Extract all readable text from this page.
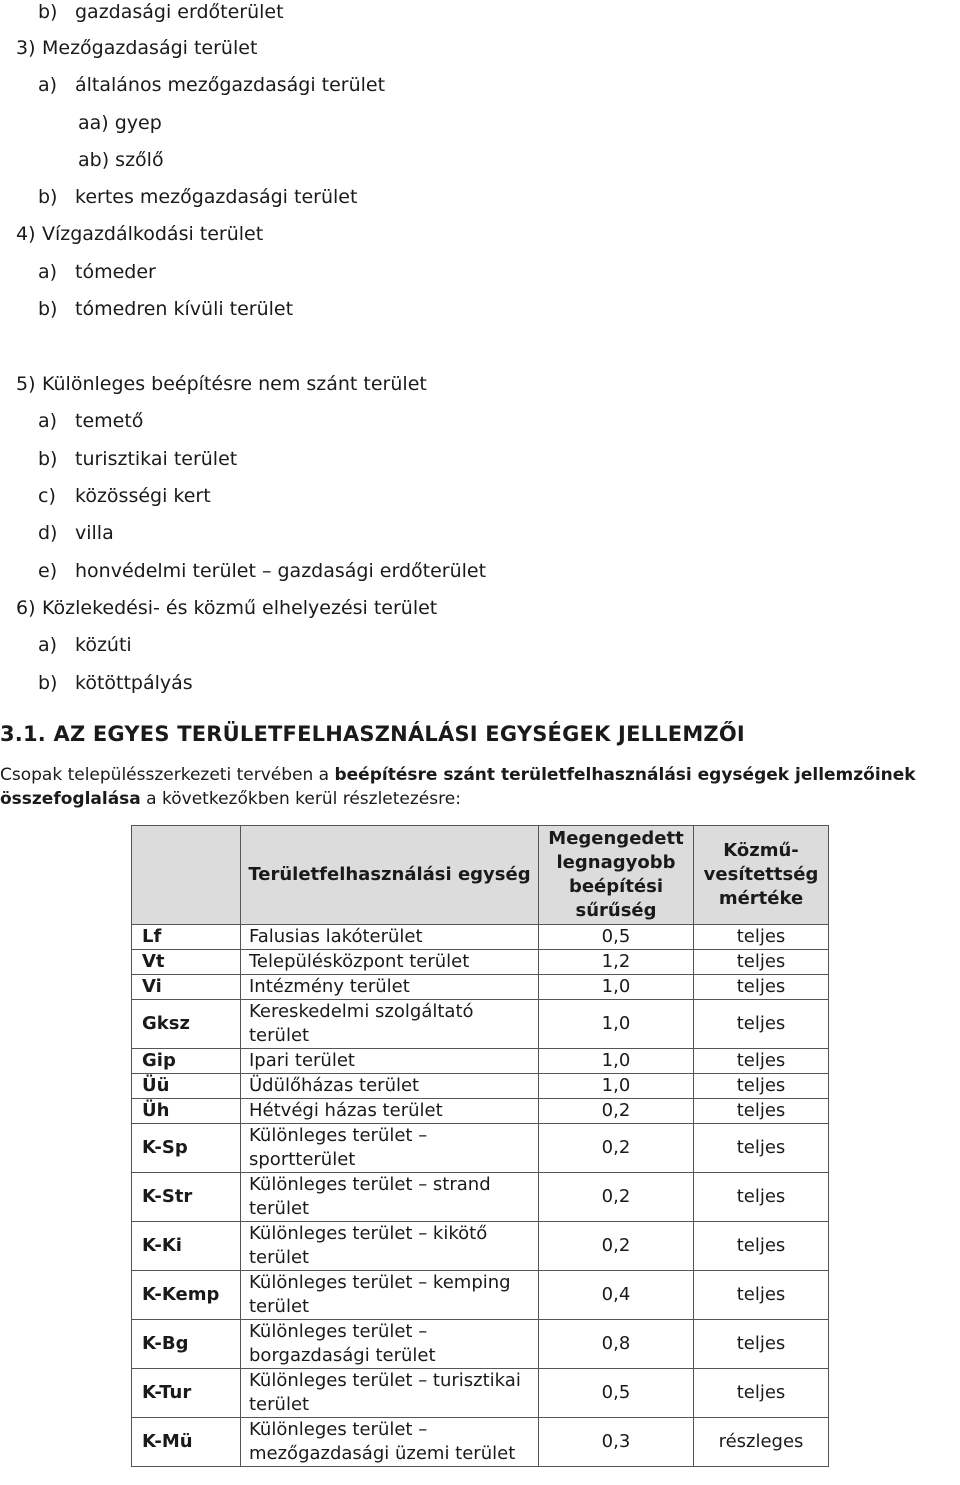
b) gazdasági erdőterület
3) Mezőgazdasági terület
a) általános mezőgazdasági terület
aa) gyep
ab) szőlő
b) kertes mezőgazdasági terület
4) Vízgazdálkodási terület
a) tómeder
b) tómedren kívüli terület
5) Különleges beépítésre nem szánt terület
a) temető
b) turisztikai terület
c) közösségi kert
d) villa
e) honvédelmi terület – gazdasági erdőterület
6) Közlekedési- és közmű elhelyezési terület
a) közúti
b) kötöttpályás
3.1. AZ EGYES TERÜLETFELHASZNÁLÁSI EGYSÉGEK JELLEMZŐI
Csopak településszerkezeti tervében a beépítésre szánt területfelhasználási egységek jellemzőinek
összefoglalása a következőkben kerül részletezésre:
	Területfelhasználási egység	Megengedett legnagyobb beépítési sűrűség	Közmű-vesítettség mértéke
Lf	Falusias lakóterület	0,5	teljes
Vt	Településközpont terület	1,2	teljes
Vi	Intézmény terület	1,0	teljes
Gksz	Kereskedelmi szolgáltató terület	1,0	teljes
Gip	Ipari terület	1,0	teljes
Üü	Üdülőházas terület	1,0	teljes
Üh	Hétvégi házas terület	0,2	teljes
K-Sp	Különleges terület – sportterület	0,2	teljes
K-Str	Különleges terület – strand terület	0,2	teljes
K-Ki	Különleges terület – kikötő terület	0,2	teljes
K-Kemp	Különleges terület – kemping terület	0,4	teljes
K-Bg	Különleges terület – borgazdasági terület	0,8	teljes
K-Tur	Különleges terület – turisztikai terület	0,5	teljes
K-Mü	Különleges terület – mezőgazdasági üzemi terület	0,3	részleges
